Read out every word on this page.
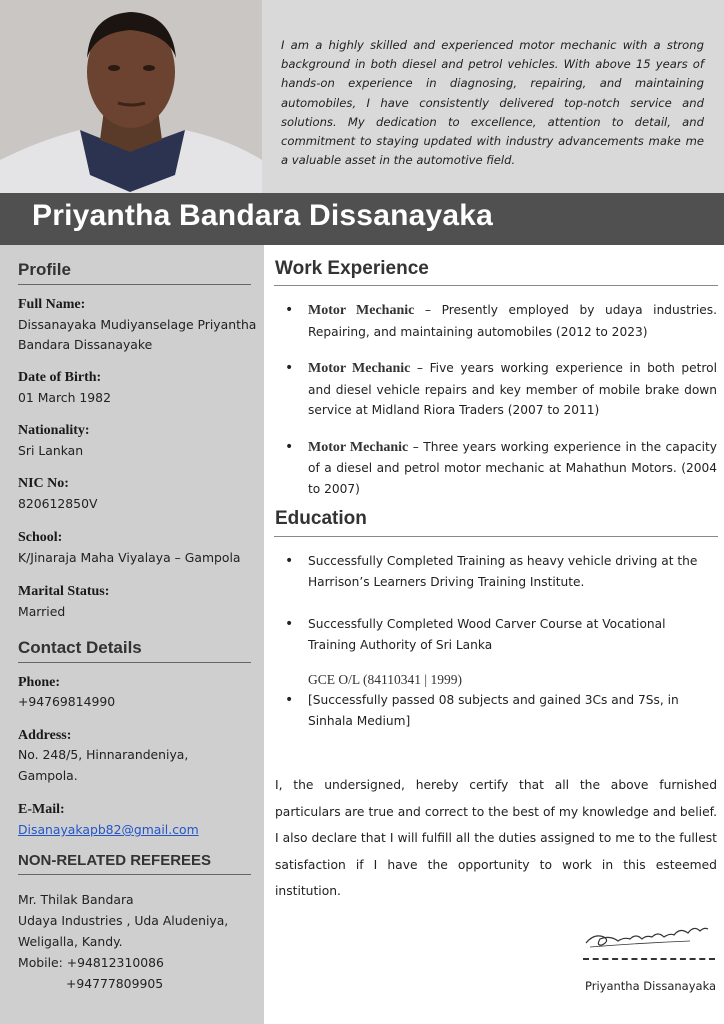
I am a highly skilled and experienced motor mechanic with a strong background in both diesel and petrol vehicles. With above 15 years of hands-on experience in diagnosing, repairing, and maintaining automobiles, I have consistently delivered top-notch service and solutions. My dedication to excellence, attention to detail, and commitment to staying updated with industry advancements make me a valuable asset in the automotive field.

Priyantha Bandara Dissanayaka
Profile

Full Name:

Dissanayaka Mudiyanselage Priyantha

Bandara Dissanayake

Date of Birth:

01 March 1982

Nationality:

Sri Lankan

NIC No:

820612850V

School:

K/Jinaraja Maha Viyalaya – Gampola

Marital Status:

Married

Contact Details

Phone:

+94769814990

Address:

No. 248/5, Hinnarandeniya,

Gampola.

E-Mail:

Disanayakapb82@gmail.com

NON-RELATED REFEREES

Mr. Thilak Bandara

Udaya Industries , Uda Aludeniya,

Weligalla, Kandy.

Mobile: +94812310086

+94777809905

Work Experience
• Motor Mechanic – Presently employed by udaya industries. Repairing, and maintaining automobiles (2012 to 2023)
• Motor Mechanic – Five years working experience in both petrol and diesel vehicle repairs and key member of mobile brake down service at Midland Riora Traders (2007 to 2011)
• Motor Mechanic – Three years working experience in the capacity of a diesel and petrol motor mechanic at Mahathun Motors. (2004 to 2007)
Education
• Successfully Completed Training as heavy vehicle driving at the Harrison’s Learners Driving Training Institute.
• Successfully Completed Wood Carver Course at Vocational Training Authority of Sri Lanka

GCE O/L (84110341 | 1999)

• [Successfully passed 08 subjects and gained 3Cs and 7Ss, in Sinhala Medium]

I, the undersigned, hereby certify that all the above furnished particulars are true and correct to the best of my knowledge and belief. I also declare that I will fulfill all the duties assigned to me to the fullest satisfaction if I have the opportunity to work in this esteemed institution.

Priyantha Dissanayaka
